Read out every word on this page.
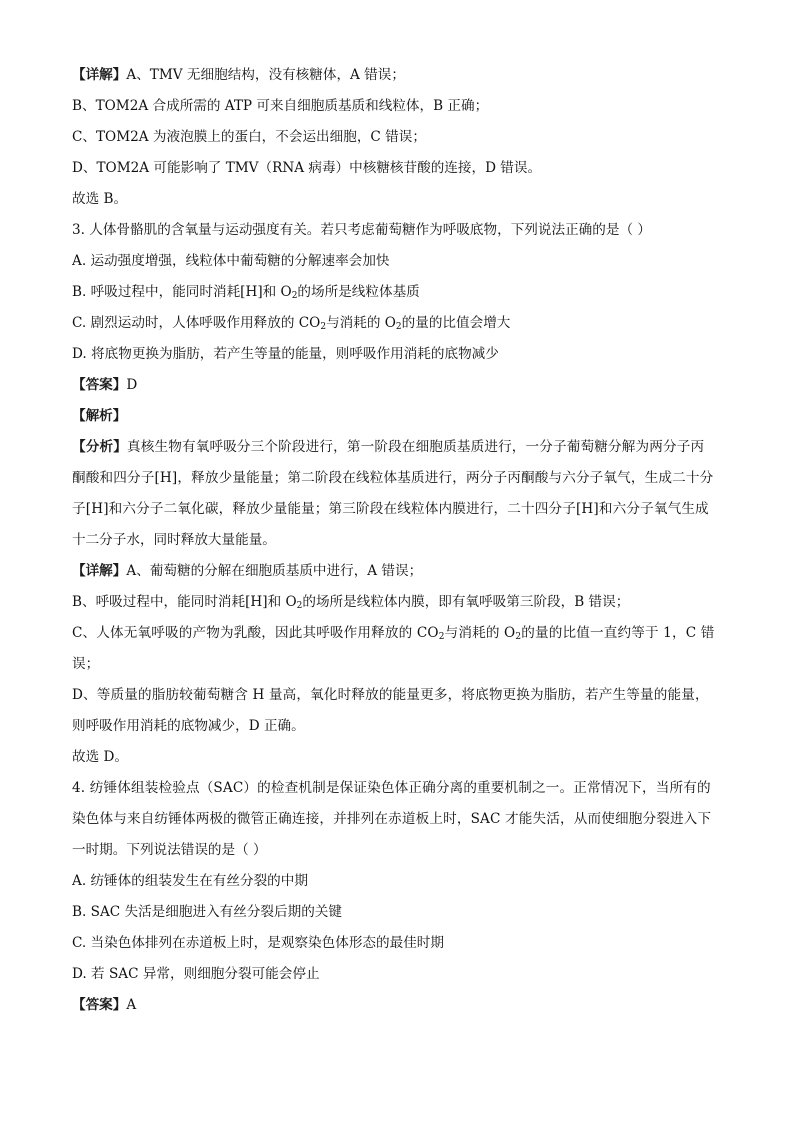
【详解】A、TMV 无细胞结构，没有核糖体，A 错误；
B、TOM2A 合成所需的 ATP 可来自细胞质基质和线粒体，B 正确；
C、TOM2A 为液泡膜上的蛋白，不会运出细胞，C 错误；
D、TOM2A 可能影响了 TMV（RNA 病毒）中核糖核苷酸的连接，D 错误。
故选 B。
3. 人体骨骼肌的含氧量与运动强度有关。若只考虑葡萄糖作为呼吸底物，下列说法正确的是（ ）
A. 运动强度增强，线粒体中葡萄糖的分解速率会加快
B. 呼吸过程中，能同时消耗[H]和 $O_2$的场所是线粒体基质
C. 剧烈运动时，人体呼吸作用释放的 $CO_2$与消耗的 $O_2$的量的比值会增大
D. 将底物更换为脂肪，若产生等量的能量，则呼吸作用消耗的底物减少
【答案】D
【解析】
【分析】真核生物有氧呼吸分三个阶段进行，第一阶段在细胞质基质进行，一分子葡萄糖分解为两分子丙
酮酸和四分子[H]，释放少量能量；第二阶段在线粒体基质进行，两分子丙酮酸与六分子氧气，生成二十分
子[H]和六分子二氧化碳，释放少量能量；第三阶段在线粒体内膜进行，二十四分子[H]和六分子氧气生成
十二分子水，同时释放大量能量。
【详解】A、葡萄糖的分解在细胞质基质中进行，A 错误；
B、呼吸过程中，能同时消耗[H]和 $O_2$的场所是线粒体内膜，即有氧呼吸第三阶段，B 错误；
C、人体无氧呼吸的产物为乳酸，因此其呼吸作用释放的 $CO_2$与消耗的 $O_2$的量的比值一直约等于 1，C 错
误；
D、等质量的脂肪较葡萄糖含 H 量高，氧化时释放的能量更多，将底物更换为脂肪，若产生等量的能量，
则呼吸作用消耗的底物减少，D 正确。
故选 D。
4. 纺锤体组装检验点（SAC）的检查机制是保证染色体正确分离的重要机制之一。正常情况下，当所有的
染色体与来自纺锤体两极的微管正确连接，并排列在赤道板上时，SAC 才能失活，从而使细胞分裂进入下
一时期。下列说法错误的是（ ）
A. 纺锤体的组装发生在有丝分裂的中期
B. SAC 失活是细胞进入有丝分裂后期的关键
C. 当染色体排列在赤道板上时，是观察染色体形态的最佳时期
D. 若 SAC 异常，则细胞分裂可能会停止
【答案】A
